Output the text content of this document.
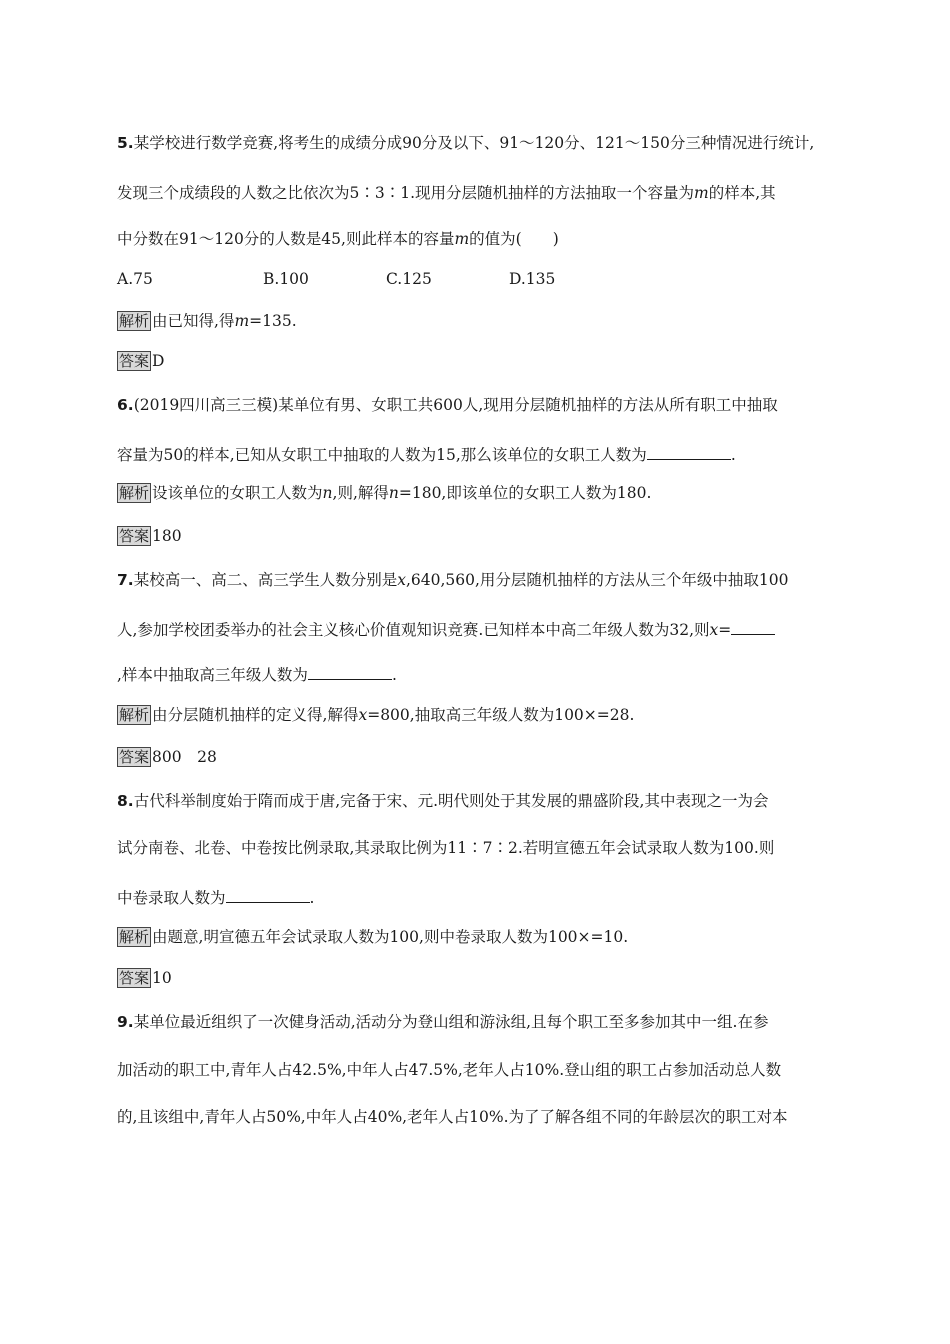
5.某学校进行数学竞赛,将考生的成绩分成90分及以下、91～120分、121～150分三种情况进行统计,
发现三个成绩段的人数之比依次为5∶3∶1.现用分层随机抽样的方法抽取一个容量为m的样本,其
中分数在91～120分的人数是45,则此样本的容量m的值为(　　)
A.75	B.100	C.125	D.135
解析 由已知得,得m=135.
答案 D
6.(2019四川高三三模)某单位有男、女职工共600人,现用分层随机抽样的方法从所有职工中抽取
容量为50的样本,已知从女职工中抽取的人数为15,那么该单位的女职工人数为	.
解析 设该单位的女职工人数为n,则,解得n=180,即该单位的女职工人数为180.
答案 180
7.某校高一、高二、高三学生人数分别是x,640,560,用分层随机抽样的方法从三个年级中抽取100
人,参加学校团委举办的社会主义核心价值观知识竞赛.已知样本中高二年级人数为32,则x=
,样本中抽取高三年级人数为	.
解析 由分层随机抽样的定义得,解得x=800,抽取高三年级人数为100×=28.
答案 800　28
8.古代科举制度始于隋而成于唐,完备于宋、元.明代则处于其发展的鼎盛阶段,其中表现之一为会
试分南卷、北卷、中卷按比例录取,其录取比例为11∶7∶2.若明宣德五年会试录取人数为100.则
中卷录取人数为	.
解析 由题意,明宣德五年会试录取人数为100,则中卷录取人数为100×=10.
答案 10
9.某单位最近组织了一次健身活动,活动分为登山组和游泳组,且每个职工至多参加其中一组.在参
加活动的职工中,青年人占42.5%,中年人占47.5%,老年人占10%.登山组的职工占参加活动总人数
的,且该组中,青年人占50%,中年人占40%,老年人占10%.为了了解各组不同的年龄层次的职工对本
